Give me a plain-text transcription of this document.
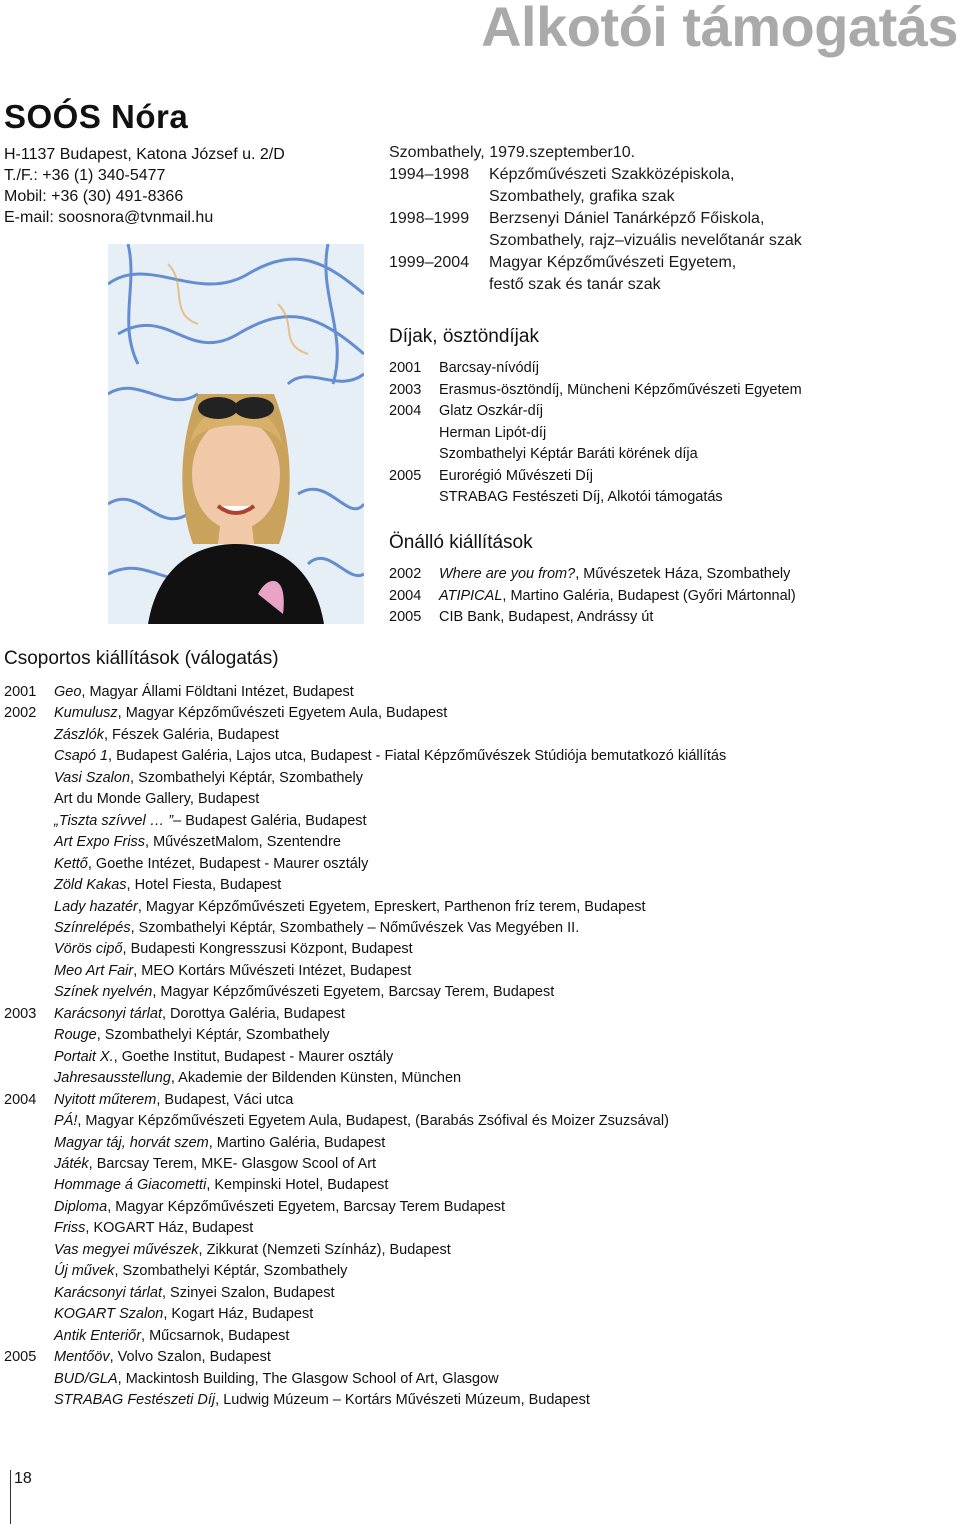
Alkotói támogatás
SOÓS Nóra
H-1137 Budapest, Katona József u. 2/D
T./F.: +36 (1) 340-5477
Mobil: +36 (30) 491-8366
E-mail: soosnora@tvnmail.hu
Szombathely, 1979.szeptember10.
1994–1998	Képzőművészeti Szakközépiskola,
Szombathely, grafika szak
1998–1999	Berzsenyi Dániel Tanárképző Főiskola,
Szombathely, rajz–vizuális nevelőtanár szak
1999–2004	Magyar Képzőművészeti Egyetem,
festő szak és tanár szak
Díjak, ösztöndíjak
2001	Barcsay-nívódíj
2003	Erasmus-ösztöndíj, Müncheni Képzőművészeti Egyetem
2004	Glatz Oszkár-díj
Herman Lipót-díj
Szombathelyi Képtár Baráti körének díja
2005	Eurorégió Művészeti Díj
STRABAG Festészeti Díj, Alkotói támogatás
Önálló kiállítások
2002	Where are you from? , Művészetek Háza, Szombathely
2004	ATIPICAL , Martino Galéria, Budapest (Győri Mártonnal)
2005	CIB Bank, Budapest, Andrássy út
Csoportos kiállítások (válogatás)
2001	Geo , Magyar Állami Földtani Intézet, Budapest
2002	Kumulusz , Magyar Képzőművészeti Egyetem Aula, Budapest
Zászlók , Fészek Galéria, Budapest
Csapó 1 , Budapest Galéria, Lajos utca, Budapest - Fiatal Képzőművészek Stúdiója bemutatkozó kiállítás
Vasi Szalon , Szombathelyi Képtár, Szombathely
Art du Monde Gallery, Budapest
„Tiszta szívvel … ” – Budapest Galéria, Budapest
Art Expo Friss , MűvészetMalom, Szentendre
Kettő , Goethe Intézet, Budapest - Maurer osztály
Zöld Kakas , Hotel Fiesta, Budapest
Lady hazatér , Magyar Képzőművészeti Egyetem, Epreskert, Parthenon fríz terem, Budapest
Színrelépés , Szombathelyi Képtár, Szombathely – Nőművészek Vas Megyében II.
Vörös cipő , Budapesti Kongresszusi Központ, Budapest
Meo Art Fair , MEO Kortárs Művészeti Intézet, Budapest
Színek nyelvén , Magyar Képzőművészeti Egyetem, Barcsay Terem, Budapest
2003	Karácsonyi tárlat , Dorottya Galéria, Budapest
Rouge , Szombathelyi Képtár, Szombathely
Portait X. , Goethe Institut, Budapest - Maurer osztály
Jahresausstellung , Akademie der Bildenden Künsten, München
2004	Nyitott műterem , Budapest, Váci utca
PÁ! , Magyar Képzőművészeti Egyetem Aula, Budapest, (Barabás Zsófival és Moizer Zsuzsával)
Magyar táj, horvát szem , Martino Galéria, Budapest
Játék , Barcsay Terem, MKE- Glasgow Scool of Art
Hommage á Giacometti , Kempinski Hotel, Budapest
Diploma , Magyar Képzőművészeti Egyetem, Barcsay Terem Budapest
Friss , KOGART Ház, Budapest
Vas megyei művészek , Zikkurat (Nemzeti Színház), Budapest
Új művek , Szombathelyi Képtár, Szombathely
Karácsonyi tárlat , Szinyei Szalon, Budapest
KOGART Szalon , Kogart Ház, Budapest
Antik Enteriőr , Műcsarnok, Budapest
2005	Mentőöv , Volvo Szalon, Budapest
BUD/GLA , Mackintosh Building, The Glasgow School of Art, Glasgow
STRABAG Festészeti Díj , Ludwig Múzeum – Kortárs Művészeti Múzeum, Budapest
18
